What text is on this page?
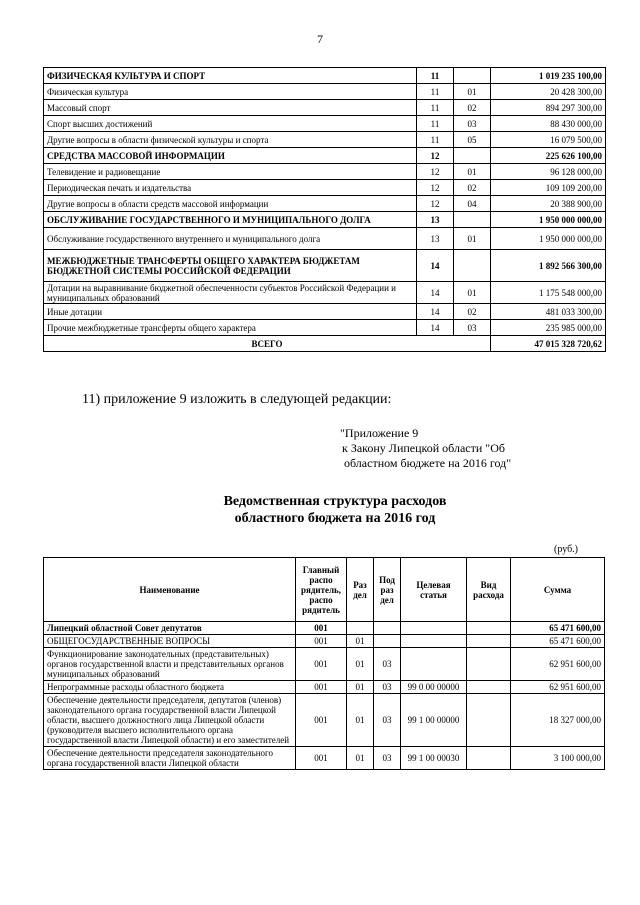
7
ФИЗИЧЕСКАЯ КУЛЬТУРА И СПОРТ	11		1 019 235 100,00
Физическая культура	11	01	20 428 300,00
Массовый спорт	11	02	894 297 300,00
Спорт высших достижений	11	03	88 430 000,00
Другие вопросы в области физической культуры и спорта	11	05	16 079 500,00
СРЕДСТВА МАССОВОЙ ИНФОРМАЦИИ	12		225 626 100,00
Телевидение и радиовещание	12	01	96 128 000,00
Периодическая печать и издательства	12	02	109 109 200,00
Другие вопросы в области средств массовой информации	12	04	20 388 900,00
ОБСЛУЖИВАНИЕ ГОСУДАРСТВЕННОГО И МУНИЦИПАЛЬНОГО ДОЛГА	13		1 950 000 000,00
Обслуживание государственного внутреннего и муниципального долга	13	01	1 950 000 000,00
МЕЖБЮДЖЕТНЫЕ ТРАНСФЕРТЫ ОБЩЕГО ХАРАКТЕРА БЮДЖЕТАМ БЮДЖЕТНОЙ СИСТЕМЫ РОССИЙСКОЙ ФЕДЕРАЦИИ	14		1 892 566 300,00
Дотации на выравнивание бюджетной обеспеченности субъектов Российской Федерации и муниципальных образований	14	01	1 175 548 000,00
Иные дотации	14	02	481 033 300,00
Прочие межбюджетные трансферты общего характера	14	03	235 985 000,00
ВСЕГО			47 015 328 720,62
11) приложение 9 изложить в следующей редакции:
"Приложение 9
к Закону Липецкой области "Об
областном бюджете на 2016 год"
Ведомственная структура расходов
областного бюджета на 2016 год
(руб.)
Наименование	Главный распо рядитель, распо рядитель	Раз дел	Под раз дел	Целевая статья	Вид расхода	Сумма
Липецкий областной Совет депутатов	001					65 471 600,00
ОБЩЕГОСУДАРСТВЕННЫЕ ВОПРОСЫ	001	01				65 471 600,00
Функционирование законодательных (представительных) органов государственной власти и представительных органов муниципальных образований	001	01	03			62 951 600,00
Непрограммные расходы областного бюджета	001	01	03	99 0 00 00000		62 951 600,00
Обеспечение деятельности председателя, депутатов (членов) законодательного органа государственной власти Липецкой области, высшего должностного лица Липецкой области (руководителя высшего исполнительного органа государственной власти Липецкой области) и его заместителей	001	01	03	99 1 00 00000		18 327 000,00
Обеспечение деятельности председателя законодательного органа государственной власти Липецкой области	001	01	03	99 1 00 00030		3 100 000,00
